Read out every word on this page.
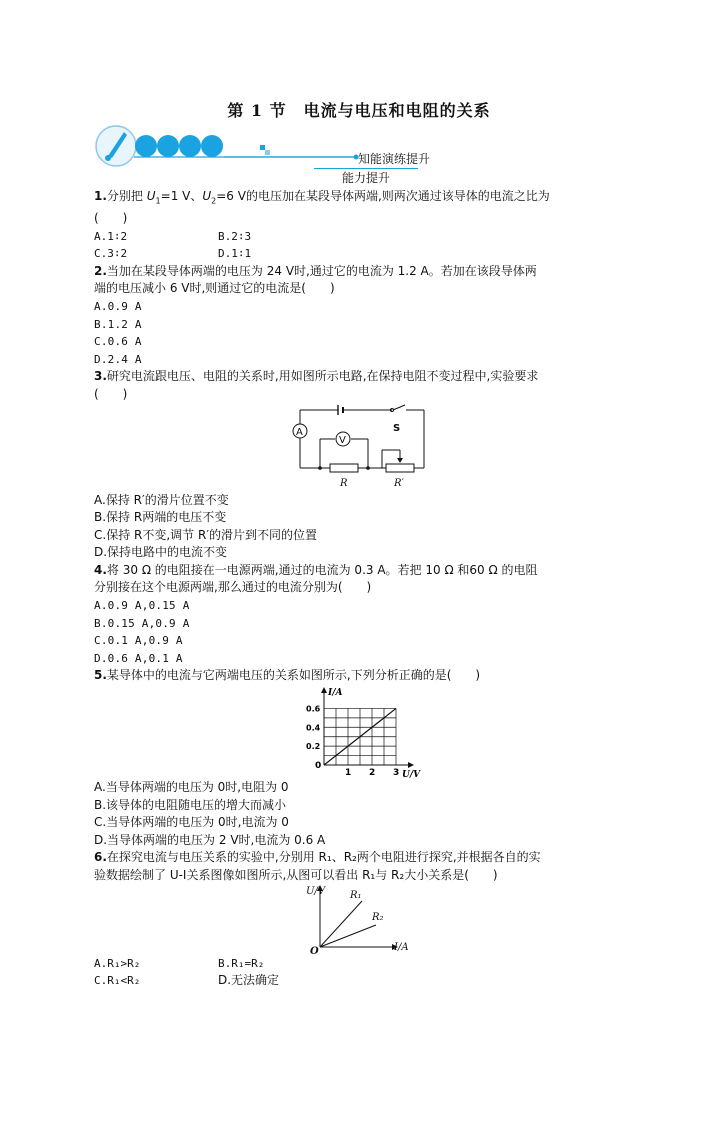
第 1 节　电流与电压和电阻的关系
知能演练提升
能力提升

1.分别把 $U_1=1$ V、$U_2=6$ V的电压加在某段导体两端,则两次通过该导体的电流之比为

(　　)

A.1∶2	B.2∶3
C.3∶2	D.1∶1

2.当加在某段导体两端的电压为 24 V时,通过它的电流为 1.2 A。若加在该段导体两

端的电压减小 6 V时,则通过它的电流是(　　)

A.0.9 A

B.1.2 A

C.0.6 A

D.2.4 A

3.研究电流跟电压、电阻的关系时,用如图所示电路,在保持电阻不变过程中,实验要求

(　　)

A
V
S
R	R′

A.保持 R′的滑片位置不变

B.保持 R两端的电压不变

C.保持 R不变,调节 R′的滑片到不同的位置

D.保持电路中的电流不变

4.将 30 Ω 的电阻接在一电源两端,通过的电流为 0.3 A。若把 10 Ω 和60 Ω 的电阻

分别接在这个电源两端,那么通过的电流分别为(　　)

A.0.9 A,0.15 A

B.0.15 A,0.9 A

C.0.1 A,0.9 A

D.0.6 A,0.1 A

5.某导体中的电流与它两端电压的关系如图所示,下列分析正确的是(　　)

1 2 3
0.2
0.4
0.6
0
I/A
U/V

A.当导体两端的电压为 0时,电阻为 0

B.该导体的电阻随电压的增大而减小

C.当导体两端的电压为 0时,电流为 0

D.当导体两端的电压为 2 V时,电流为 0.6 A

6.在探究电流与电压关系的实验中,分别用 R₁、R₂两个电阻进行探究,并根据各自的实

验数据绘制了 U-I关系图像如图所示,从图可以看出 R₁与 R₂大小关系是(　　)

U/V
I/A
O
R₁
R₂
A.R₁>R₂	B.R₁=R₂
C.R₁<R₂	D.无法确定
